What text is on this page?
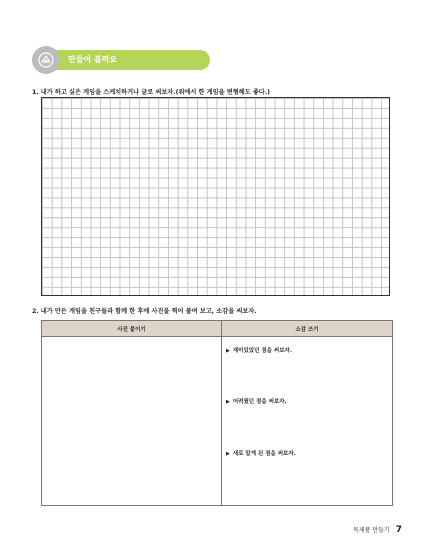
만들어 볼까요
1. 내가 하고 싶은 게임을 스케치하거나 글로 써보자.(위에서 한 게임을 변형해도 좋다.)
2. 내가 만든 게임을 친구들과 함께 한 후에 사진을 찍어 붙여 보고, 소감을 써보자.
사진 붙이기	소감 쓰기

	▶ 재미있었던 점을 써보자.
▶ 어려웠던 점을 써보자.
▶ 새로 알게 된 점을 써보자.
목제품 만들기 7
